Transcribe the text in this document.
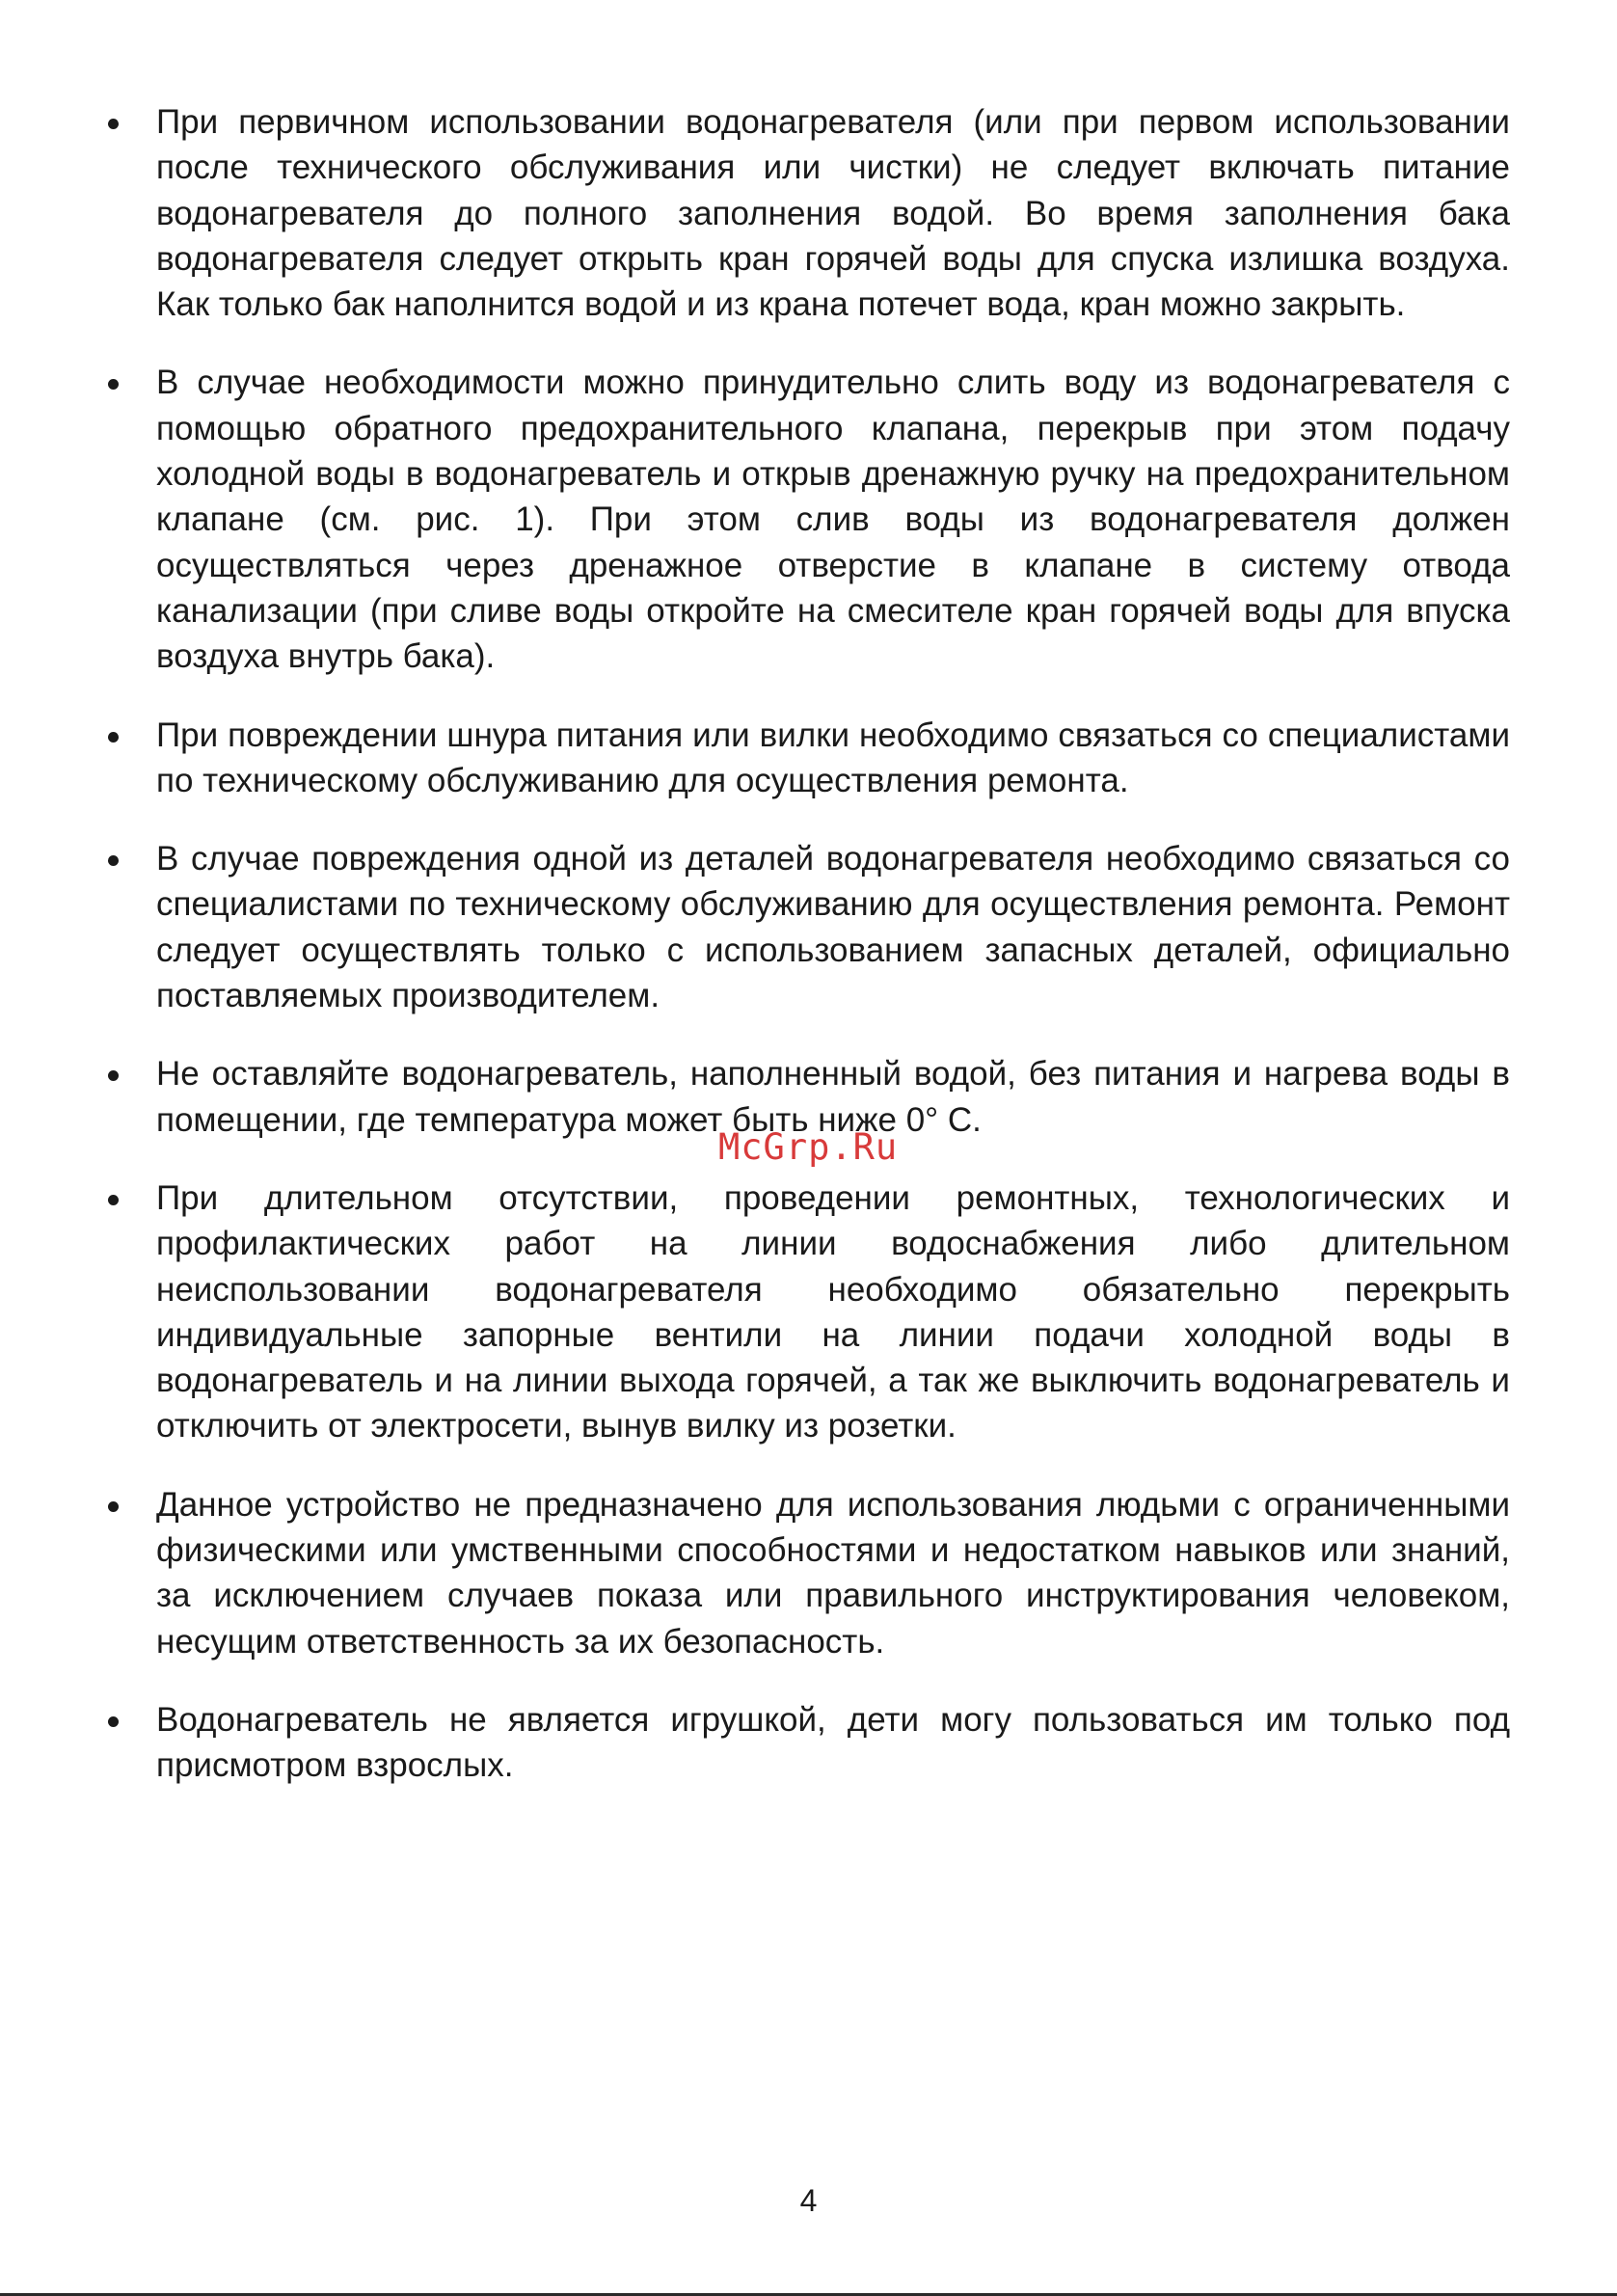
При первичном использовании водонагревателя (или при первом использовании после технического обслуживания или чистки) не следует включать питание водонагревателя до полного заполнения водой. Во время заполнения бака водонагревателя следует открыть кран горячей воды для спуска излишка воздуха. Как только бак наполнится водой и из крана потечет вода, кран можно закрыть.
В случае необходимости можно принудительно слить воду из водонагревателя с помощью обратного предохранительного клапана, перекрыв при этом подачу холодной воды в водонагреватель и открыв дренажную ручку на предохранительном клапане (см. рис. 1). При этом слив воды из водонагревателя должен осуществляться через дренажное отверстие в клапане в систему отвода канализации (при сливе воды откройте на смесителе кран горячей воды для впуска воздуха внутрь бака).
При повреждении шнура питания или вилки необходимо связаться со специалистами по техническому обслуживанию для осуществления ремонта.
В случае повреждения одной из деталей водонагревателя необходимо связаться со специалистами по техническому обслуживанию для осуществления ремонта. Ремонт следует осуществлять только с использованием запасных деталей, официально поставляемых производителем.
Не оставляйте водонагреватель, наполненный водой, без питания и нагрева воды в помещении, где температура может быть ниже 0° С.
При длительном отсутствии, проведении ремонтных, технологических и профилактических работ на линии водоснабжения либо длительном неиспользовании водонагревателя необходимо обязательно перекрыть индивидуальные запорные вентили на линии подачи холодной воды в водонагреватель и на линии выхода горячей, а так же выключить водонагреватель и отключить от электросети, вынув вилку из розетки.
Данное устройство не предназначено для использования людьми с ограниченными физическими или умственными способностями и недостатком навыков или знаний, за исключением случаев показа или правильного инструктирования человеком, несущим ответственность за их безопасность.
Водонагреватель не является игрушкой, дети могу пользоваться им только под присмотром взрослых.
McGrp.Ru
4
